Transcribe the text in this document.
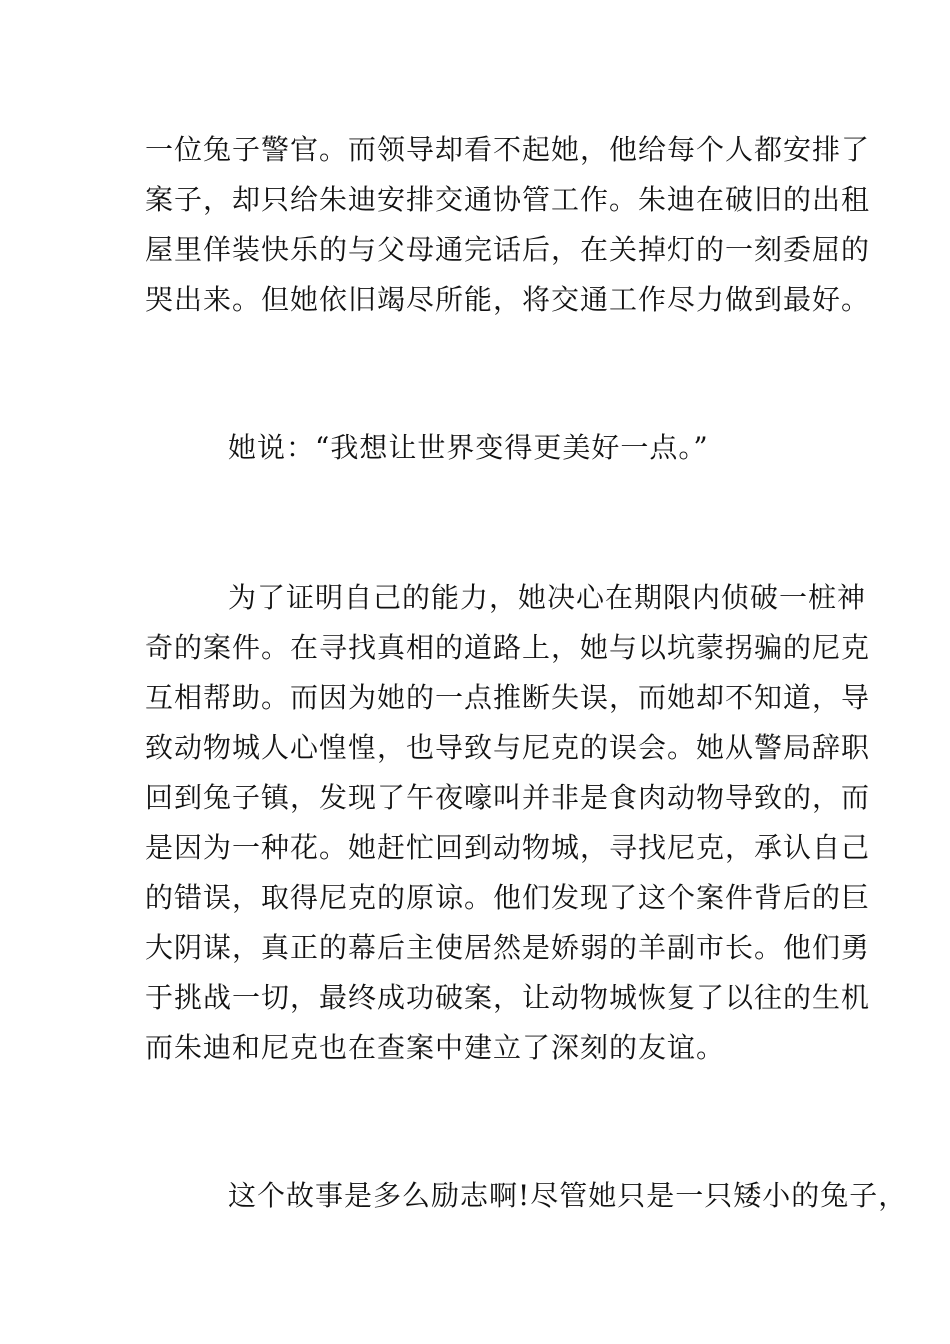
一位兔子警官。而领导却看不起她，他给每个人都安排了
案子，却只给朱迪安排交通协管工作。朱迪在破旧的出租
屋里佯装快乐的与父母通完话后，在关掉灯的一刻委屈的
哭出来。但她依旧竭尽所能，将交通工作尽力做到最好。
她说：“我想让世界变得更美好一点。”
为了证明自己的能力，她决心在期限内侦破一桩神
奇的案件。在寻找真相的道路上，她与以坑蒙拐骗的尼克
互相帮助。而因为她的一点推断失误，而她却不知道，导
致动物城人心惶惶，也导致与尼克的误会。她从警局辞职
回到兔子镇，发现了午夜嚎叫并非是食肉动物导致的，而
是因为一种花。她赶忙回到动物城，寻找尼克，承认自己
的错误，取得尼克的原谅。他们发现了这个案件背后的巨
大阴谋，真正的幕后主使居然是娇弱的羊副市长。他们勇
于挑战一切，最终成功破案，让动物城恢复了以往的生机
而朱迪和尼克也在查案中建立了深刻的友谊。
这个故事是多么励志啊!尽管她只是一只矮小的兔子，
